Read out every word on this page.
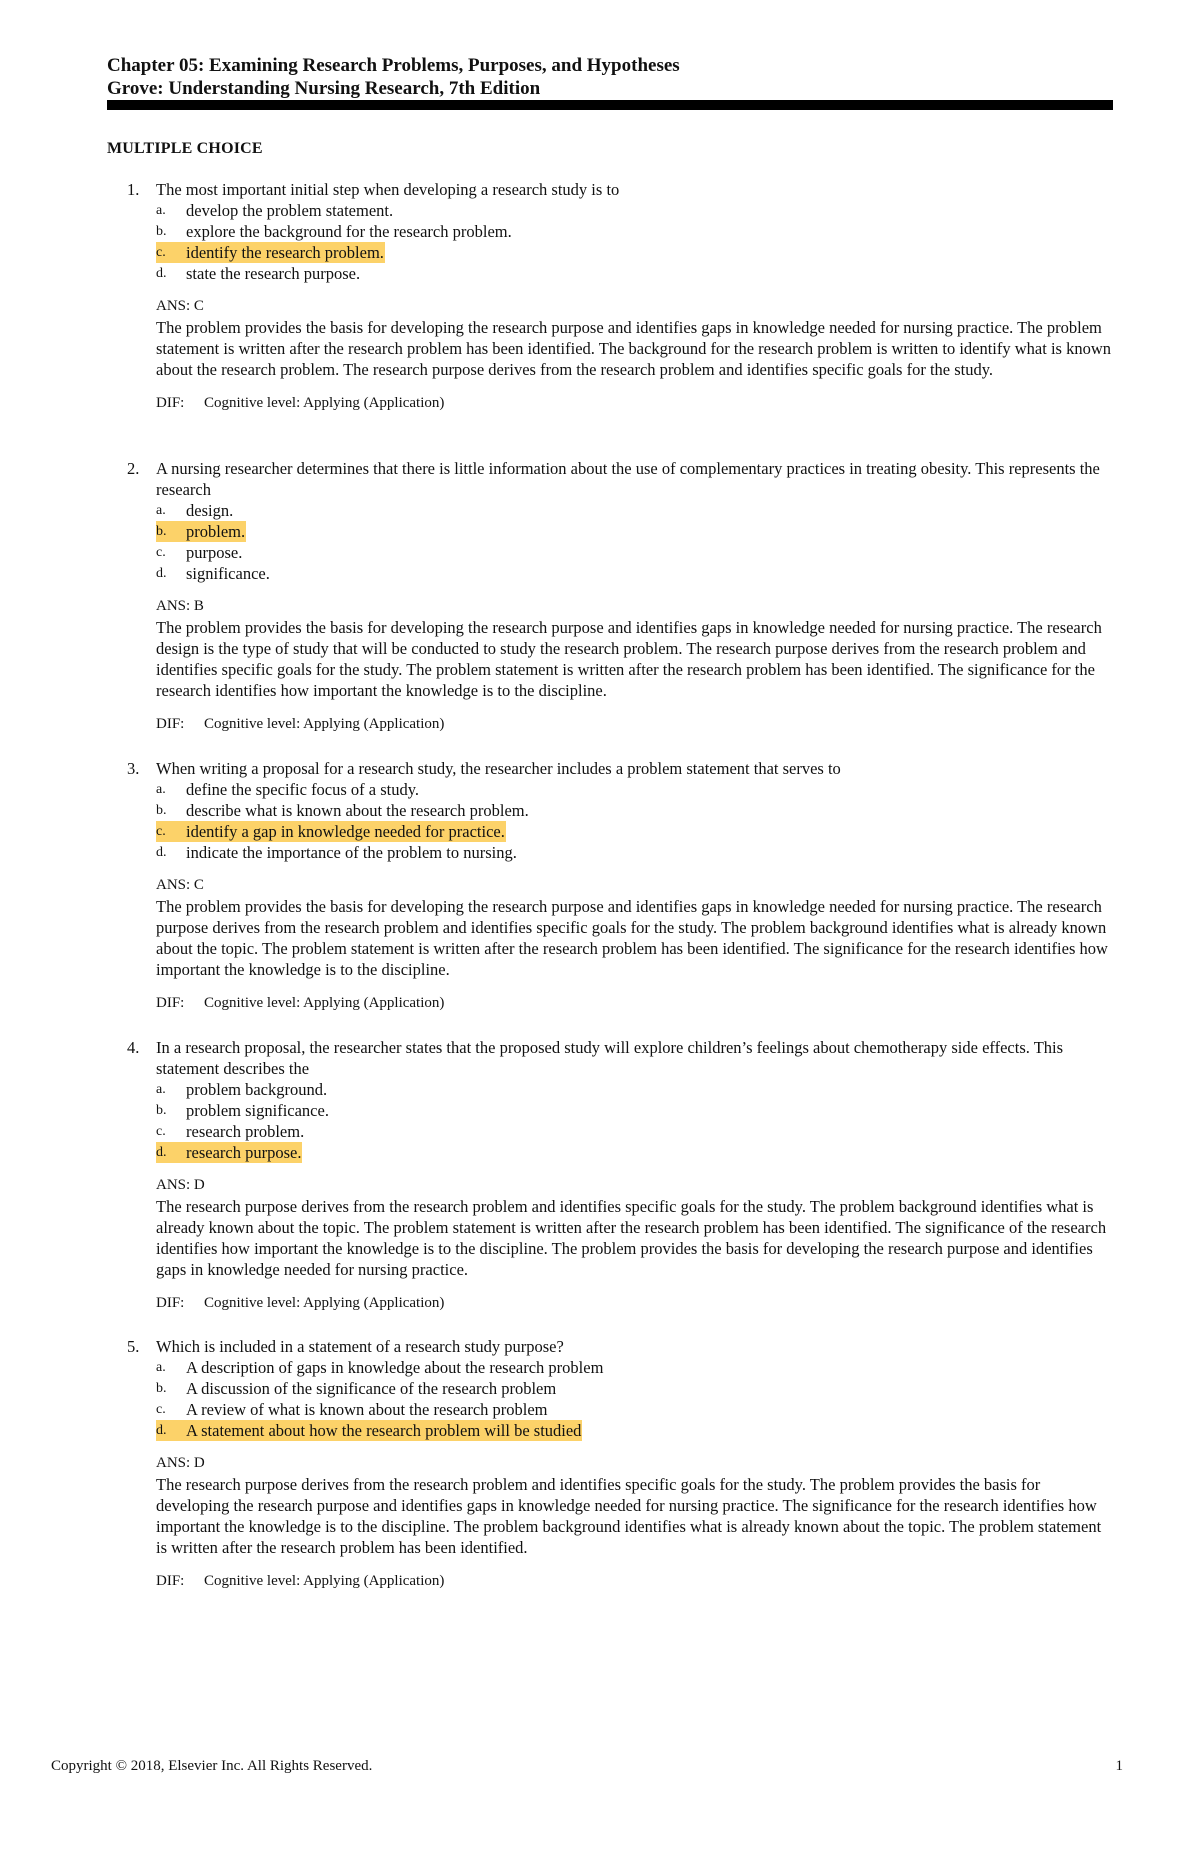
Chapter 05: Examining Research Problems, Purposes, and Hypotheses
Grove: Understanding Nursing Research, 7th Edition
MULTIPLE CHOICE
1.	The most important initial step when developing a research study is to
a. develop the problem statement.
b. explore the background for the research problem.
c. identify the research problem.
d. state the research purpose.
ANS: C
The problem provides the basis for developing the research purpose and identifies gaps in knowledge needed for nursing practice. The problem statement is written after the research problem has been identified. The background for the research problem is written to identify what is known about the research problem. The research purpose derives from the research problem and identifies specific goals for the study.
DIF: Cognitive level: Applying (Application)
2.	A nursing researcher determines that there is little information about the use of complementary practices in treating obesity. This represents the research
a. design.
b. problem.
c. purpose.
d. significance.
ANS: B
The problem provides the basis for developing the research purpose and identifies gaps in knowledge needed for nursing practice. The research design is the type of study that will be conducted to study the research problem. The research purpose derives from the research problem and identifies specific goals for the study. The problem statement is written after the research problem has been identified. The significance for the research identifies how important the knowledge is to the discipline.
DIF: Cognitive level: Applying (Application)
3.	When writing a proposal for a research study, the researcher includes a problem statement that serves to
a. define the specific focus of a study.
b. describe what is known about the research problem.
c. identify a gap in knowledge needed for practice.
d. indicate the importance of the problem to nursing.
ANS: C
The problem provides the basis for developing the research purpose and identifies gaps in knowledge needed for nursing practice. The research purpose derives from the research problem and identifies specific goals for the study. The problem background identifies what is already known about the topic. The problem statement is written after the research problem has been identified. The significance for the research identifies how important the knowledge is to the discipline.
DIF: Cognitive level: Applying (Application)
4.	In a research proposal, the researcher states that the proposed study will explore children’s feelings about chemotherapy side effects. This statement describes the
a. problem background.
b. problem significance.
c. research problem.
d. research purpose.
ANS: D
The research purpose derives from the research problem and identifies specific goals for the study. The problem background identifies what is already known about the topic. The problem statement is written after the research problem has been identified. The significance of the research identifies how important the knowledge is to the discipline. The problem provides the basis for developing the research purpose and identifies gaps in knowledge needed for nursing practice.
DIF: Cognitive level: Applying (Application)
5.	Which is included in a statement of a research study purpose?
a. A description of gaps in knowledge about the research problem
b. A discussion of the significance of the research problem
c. A review of what is known about the research problem
d. A statement about how the research problem will be studied
ANS: D
The research purpose derives from the research problem and identifies specific goals for the study. The problem provides the basis for developing the research purpose and identifies gaps in knowledge needed for nursing practice. The significance for the research identifies how important the knowledge is to the discipline. The problem background identifies what is already known about the topic. The problem statement is written after the research problem has been identified.
DIF: Cognitive level: Applying (Application)
Copyright © 2018, Elsevier Inc. All Rights Reserved.	1
